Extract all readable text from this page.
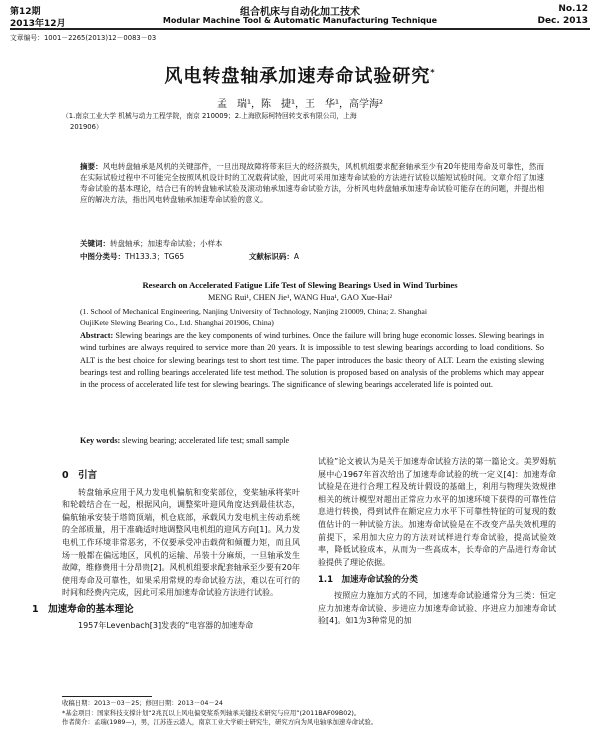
第12期
2013年12月
组合机床与自动化加工技术
Modular Machine Tool & Automatic Manufacturing Technique
No.12
Dec. 2013
文章编号：1001－2265(2013)12－0083－03
风电转盘轴承加速寿命试验研究*
孟　瑞¹，陈　捷¹，王　华¹，高学海²
（1.南京工业大学 机械与动力工程学院，南京 210009；2.上海欧际柯特回转支承有限公司，上海
201906）
摘要：风电转盘轴承是风机的关键部件，一旦出现故障将带来巨大的经济损失，风机机组要求配套轴承至少有20年使用寿命及可靠性，然而在实际试验过程中不可能完全按照风机设计时的工况载荷试验，因此可采用加速寿命试验的方法进行试验以缩短试验时间。文章介绍了加速寿命试验的基本理论，结合已有的转盘轴承试验及滚动轴承加速寿命试验方法，分析风电转盘轴承加速寿命试验可能存在的问题，并提出相应的解决方法，指出风电转盘轴承加速寿命试验的意义。
关键词：转盘轴承；加速寿命试验；小样本
中图分类号：TH133.3；TG65	文献标识码：A
Research on Accelerated Fatigue Life Test of Slewing Bearings Used in Wind Turbines
MENG Rui¹, CHEN Jie¹, WANG Hua¹, GAO Xue-Hai²
(1. School of Mechanical Engineering, Nanjing University of Technology, Nanjing 210009, China; 2. Shanghai
OujiKete Slewing Bearing Co., Ltd. Shanghai 201906, China)
Abstract: Slewing bearings are the key components of wind turbines. Once the failure will bring huge economic losses. Slewing bearings in wind turbines are always required to service more than 20 years. It is impossible to test slewing bearings according to load conditions. So ALT is the best choice for slewing bearings test to short test time. The paper introduces the basic theory of ALT. Learn the existing slewing bearings test and rolling bearings accelerated life test method. The solution is proposed based on analysis of the problems which may appear in the process of accelerated life test for slewing bearings. The significance of slewing bearings accelerated life is pointed out.
Key words: slewing bearing; accelerated life test; small sample
0　引言

转盘轴承应用于风力发电机偏航和变桨部位，变桨轴承将桨叶和轮毂结合在一起，根据风向，调整桨叶迎风角度达到最佳状态，偏航轴承安装于塔筒顶端，机仓底部，承载风力发电机主传动系统的全部质量，用于准确适时地调整风电机组的迎风方向[1]。风力发电机工作环境非常恶劣，不仅要承受冲击载荷和倾覆力矩，而且风场一般都在偏远地区，风机的运输、吊装十分麻烦，一旦轴承发生故障，维修费用十分昂贵[2]。风机机组要求配套轴承至少要有20年使用寿命及可靠性，如果采用常规的寿命试验方法，难以在可行的时间和经费内完成，因此可采用加速寿命试验方法进行试验。

1　加速寿命的基本理论

1957年Levenbach[3]发表的“电容器的加速寿命

试验”论文被认为是关于加速寿命试验方法的第一篇论文。美罗姆航展中心1967年首次给出了加速寿命试验的统一定义[4]：加速寿命试验是在进行合理工程及统计假设的基础上，利用与物理失效规律相关的统计模型对超出正常应力水平的加速环境下获得的可靠性信息进行转换，得到试件在额定应力水平下可靠性特征的可复现的数值估计的一种试验方法。加速寿命试验是在不改变产品失效机理的前提下，采用加大应力的方法对试样进行寿命试验，提高试验效率，降低试验成本，从而为一些高成本，长寿命的产品进行寿命试验提供了理论依据。

1.1　加速寿命试验的分类

按照应力施加方式的不同，加速寿命试验通常分为三类：恒定应力加速寿命试验、步进应力加速寿命试验、序进应力加速寿命试验[4]。如1为3种常见的加

收稿日期：2013－03－25；修回日期：2013－04－24
*基金项目：国家科技支撑计划“2兆瓦以上风电偏变桨系列轴承关键技术研究与应用”(2011BAF09B02)。
作者简介：孟瑞(1989—)，男，江苏连云港人，南京工业大学硕士研究生，研究方向为风电轴承加速寿命试验。
